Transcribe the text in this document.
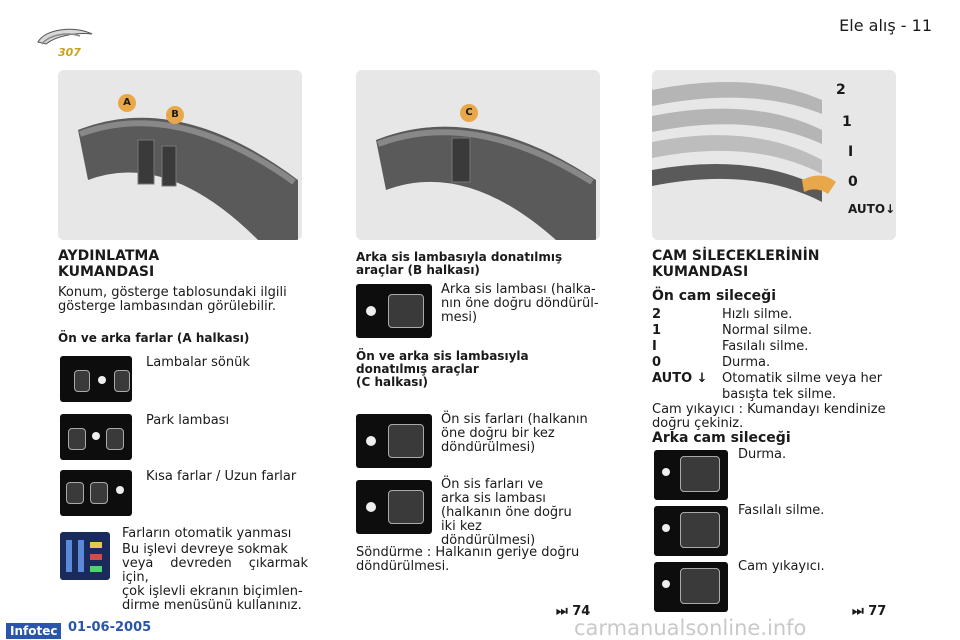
307
Ele alış - 11
A
B	C
2
1
I
0
AUTO↓
AYDINLATMA
KUMANDASI
Konum, gösterge tablosundaki ilgili
gösterge lambasından görülebilir.
Ön ve arka farlar (A halkası)
Lambalar sönük
Park lambası
Kısa farlar / Uzun farlar
Farların otomatik yanması
Bu işlevi devreye sokmak
veya devreden çıkarmak için,
çok işlevli ekranın biçimlen-
dirme menüsünü kullanınız.
Arka sis lambasıyla donatılmış
araçlar (B halkası)
Arka sis lambası (halka-
nın öne doğru döndürül-
mesi)
Ön ve arka sis lambasıyla
donatılmış araçlar
(C halkası)
Ön sis farları (halkanın
öne doğru bir kez
döndürülmesi)
Ön sis farları ve
arka sis lambası
(halkanın öne doğru
iki kez
döndürülmesi)
Söndürme : Halkanın geriye doğru
döndürülmesi.
⏭ 74
CAM SİLECEKLERİNİN
KUMANDASI
Ön cam sileceği
2	Hızlı silme.
1	Normal silme.
I	Fasılalı silme.
0	Durma.
AUTO ↓	Otomatik silme veya her
basışta tek silme.
Cam yıkayıcı : Kumandayı kendinize
doğru çekiniz.
Arka cam sileceği
Durma.
Fasılalı silme.
Cam yıkayıcı.
⏭ 77
Infotec 01-06-2005	carmanualsonline.info
